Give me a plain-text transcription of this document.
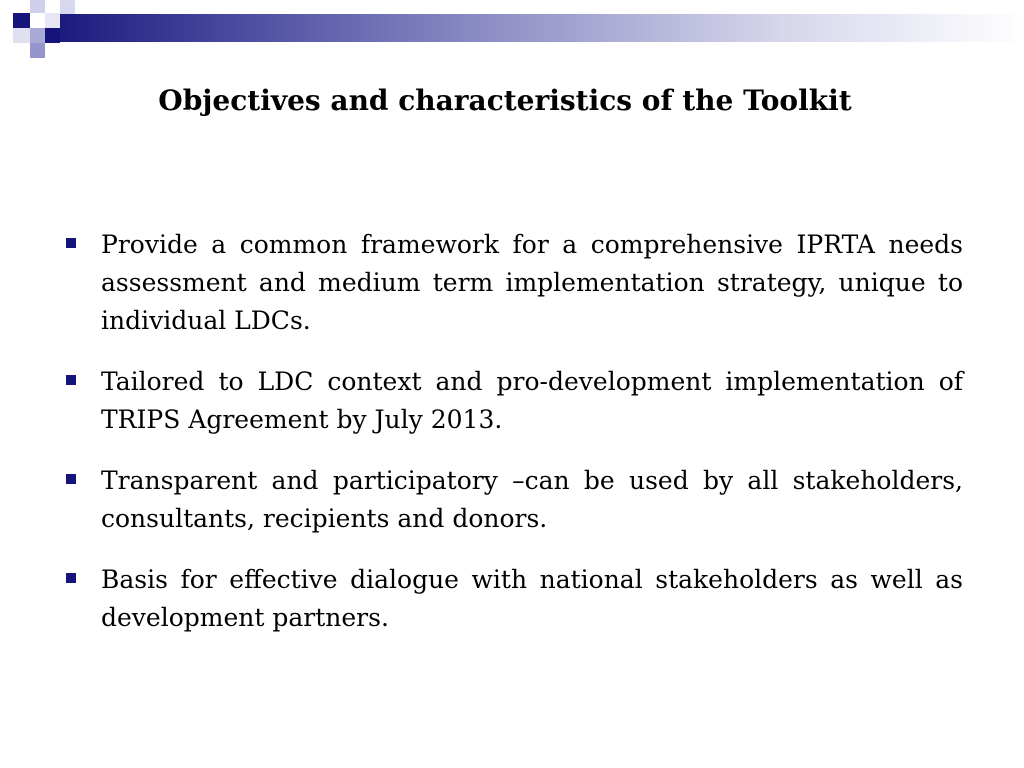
Objectives and characteristics of the Toolkit
Provide a common framework for a comprehensive IPRTA needs assessment and medium term implementation strategy, unique to individual LDCs.
Tailored to LDC context and pro-development implementation of TRIPS Agreement by July 2013.
Transparent and participatory –can be used by all stakeholders, consultants, recipients and donors.
Basis for effective dialogue with national stakeholders as well as development partners.
